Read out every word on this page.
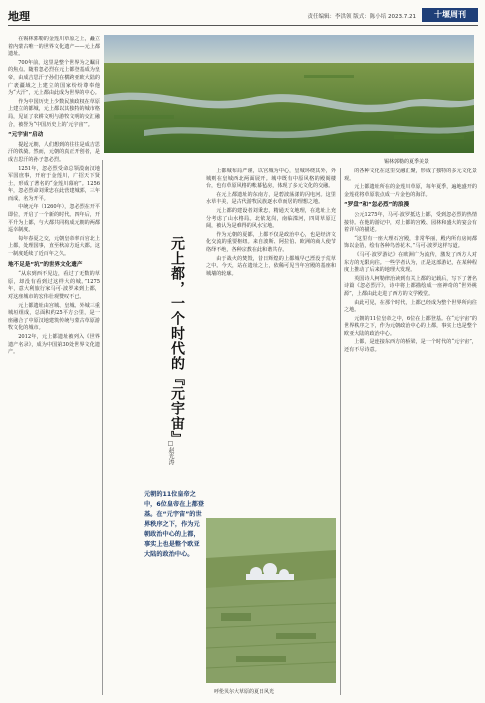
地理	责任编辑：李洪领 版式：陈小培 2023.7.21	十堰周刊
锡林郭勒的夏季美景

在锡林郭勒的金莲川草原之上，矗立着内蒙古唯一的世界文化遗产——元上都遗址。

700年前，这里是整个世界为之瞩目的焦点。随着忽必烈在元上都登基成为皇帝，由成吉思汗子孙们在横跨亚欧大陆的广袤疆域之上建立的国家纷纷尊奉他为“大汗”，元上都由此成为世界的中心。

作为中国历史上少数民族政权在草原上建立的都城，元上都以其独特的城市格局，见证了农耕文明与游牧文明的交汇融合，被誉为“中国历史上的‘元宇宙’”。

“元宇宙”启动

提起元朝，人们想到的往往是成吉思汗的铁骑。然而，元朝的真正开创者，是成吉思汗的孙子忽必烈。

1251年，忽必烈受命总领漠南汉地军国庶事，开府于金莲川，广招天下贤士，形成了著名的“金莲川幕府”。1256年，忽必烈命刘秉忠在此营建城郭，三年而成，名为开平。

中统元年（1260年），忽必烈在开平即位，开启了一个新的时代。四年后，开平升为上都，与大都共同构成元朝的两都巡幸制度。

每年春夏之交，元朝皇帝率百官北上上都，处理国事，直至秋凉方返大都。这一制度延续了近百年之久。

地不足是“坑”的世界文化遗产

“从东到西不见边，看过了无数的草原，却没有看到过这样大的城。”1275年，意大利旅行家马可·波罗来到上都，对这座城市的宏伟壮观赞叹不已。

元上都遗址由宫城、皇城、外城三重城垣组成，总面积约25平方公里，是一座融合了中原汉地建筑传统与蒙古草原游牧文化的城市。

2012年，元上都遗址被列入《世界遗产名录》，成为中国第30处世界文化遗产。	元上都，一个时代的『元宇宙』
□赵光涛
元朝的11位皇帝之中，6位皇帝在上都登基。在“元宇宙”的世界秩序之下，作为元朝政治中心的上都，事实上也是整个欧亚大陆的政治中心。

上都城布局严谨，以宫城为中心，皇城环绕其外，外城则在皇城西北两面展开。城中既有中原风格的殿阁楼台，也有草原风格的帐幕毡房，体现了多元文化的交融。

在元上都遗址的东南方，是碧波荡漾的闪电河。这里水草丰美，是古代游牧民族逐水草而居的理想之地。

元上都的建设者刘秉忠，精通天文地理，在选址上充分考虑了山水格局。北依龙岗，南临滦河，四周草原辽阔，被认为是难得的风水宝地。

作为元朝的夏都，上都不仅是政治中心，也是经济文化交流的重要枢纽。来自波斯、阿拉伯、欧洲的商人使节络绎不绝，各种宗教在此和谐共存。

由于战火的焚毁，昔日辉煌的上都城早已湮没于荒草之中。今天，站在遗址之上，依稀可见当年宫殿的基座和城墙的轮廓。

呼伦贝尔大草原的夏日风光

的各种文化在这里交融汇聚，形成了独特的多元文化景观。

元上都遗址所在的金莲川草原，每年夏季，遍地盛开的金莲花将草原装点成一片金色的海洋。

“罗盘”和“忽必烈”的浪漫

公元1275年，马可·波罗抵达上都，受到忽必烈的热情接待。在他的游记中，对上都的宫殿、园林和盛大的宴会有着详尽的描述。

“这里有一座大理石宫殿，非常华丽，殿内所有房间都饰以金箔，绘有各种鸟兽花木。”马可·波罗这样写道。

《马可·波罗游记》在欧洲广为流传，激发了西方人对东方的无限向往。一些学者认为，正是这部游记，在某种程度上推动了后来的地理大发现。

英国诗人柯勒律治读到有关上都的记载后，写下了著名诗篇《忽必烈汗》，诗中将上都描绘成一座神奇的“世外桃源”，上都由此走进了西方的文学殿堂。

由此可见，在那个时代，上都已经成为整个世界所向往之地。

元朝的11位皇帝之中，6位在上都登基。在“元宇宙”的世界秩序之下，作为元朝政治中心的上都，事实上也是整个欧亚大陆的政治中心。

上都，是连接东西方的桥梁，是一个时代的“元宇宙”，还有不尽诗意。
